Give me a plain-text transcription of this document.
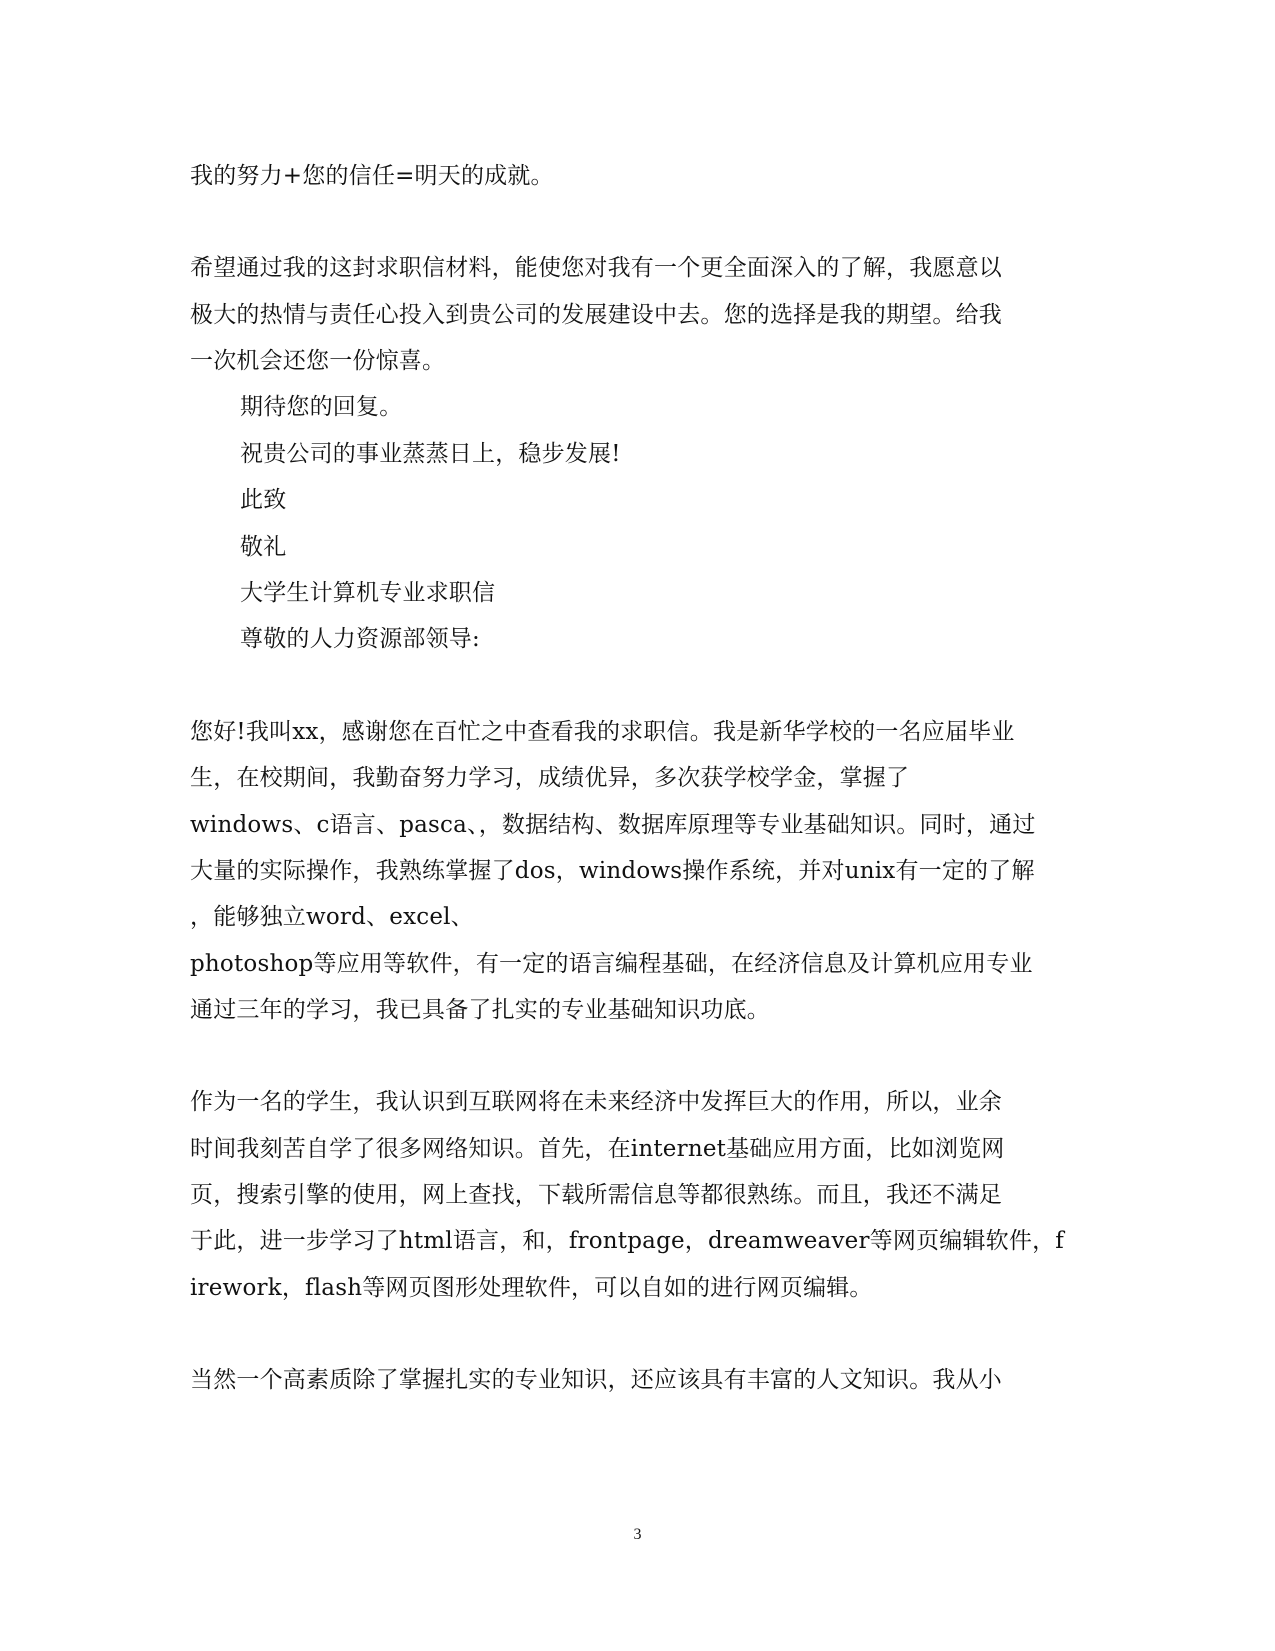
我的努力+您的信任=明天的成就。
希望通过我的这封求职信材料，能使您对我有一个更全面深入的了解，我愿意以
极大的热情与责任心投入到贵公司的发展建设中去。您的选择是我的期望。给我
一次机会还您一份惊喜。
期待您的回复。
祝贵公司的事业蒸蒸日上，稳步发展!
此致
敬礼
大学生计算机专业求职信
尊敬的人力资源部领导:
您好!我叫xx，感谢您在百忙之中查看我的求职信。我是新华学校的一名应届毕业
生，在校期间，我勤奋努力学习，成绩优异，多次获学校学金，掌握了
windows、c语言、pasca、，数据结构、数据库原理等专业基础知识。同时，通过
大量的实际操作，我熟练掌握了dos，windows操作系统，并对unix有一定的了解
，能够独立word、excel、
photoshop等应用等软件，有一定的语言编程基础，在经济信息及计算机应用专业
通过三年的学习，我已具备了扎实的专业基础知识功底。
作为一名的学生，我认识到互联网将在未来经济中发挥巨大的作用，所以，业余
时间我刻苦自学了很多网络知识。首先，在internet基础应用方面，比如浏览网
页，搜索引擎的使用，网上查找，下载所需信息等都很熟练。而且，我还不满足
于此，进一步学习了html语言，和，frontpage，dreamweaver等网页编辑软件，f
irework，flash等网页图形处理软件，可以自如的进行网页编辑。
当然一个高素质除了掌握扎实的专业知识，还应该具有丰富的人文知识。我从小
3
